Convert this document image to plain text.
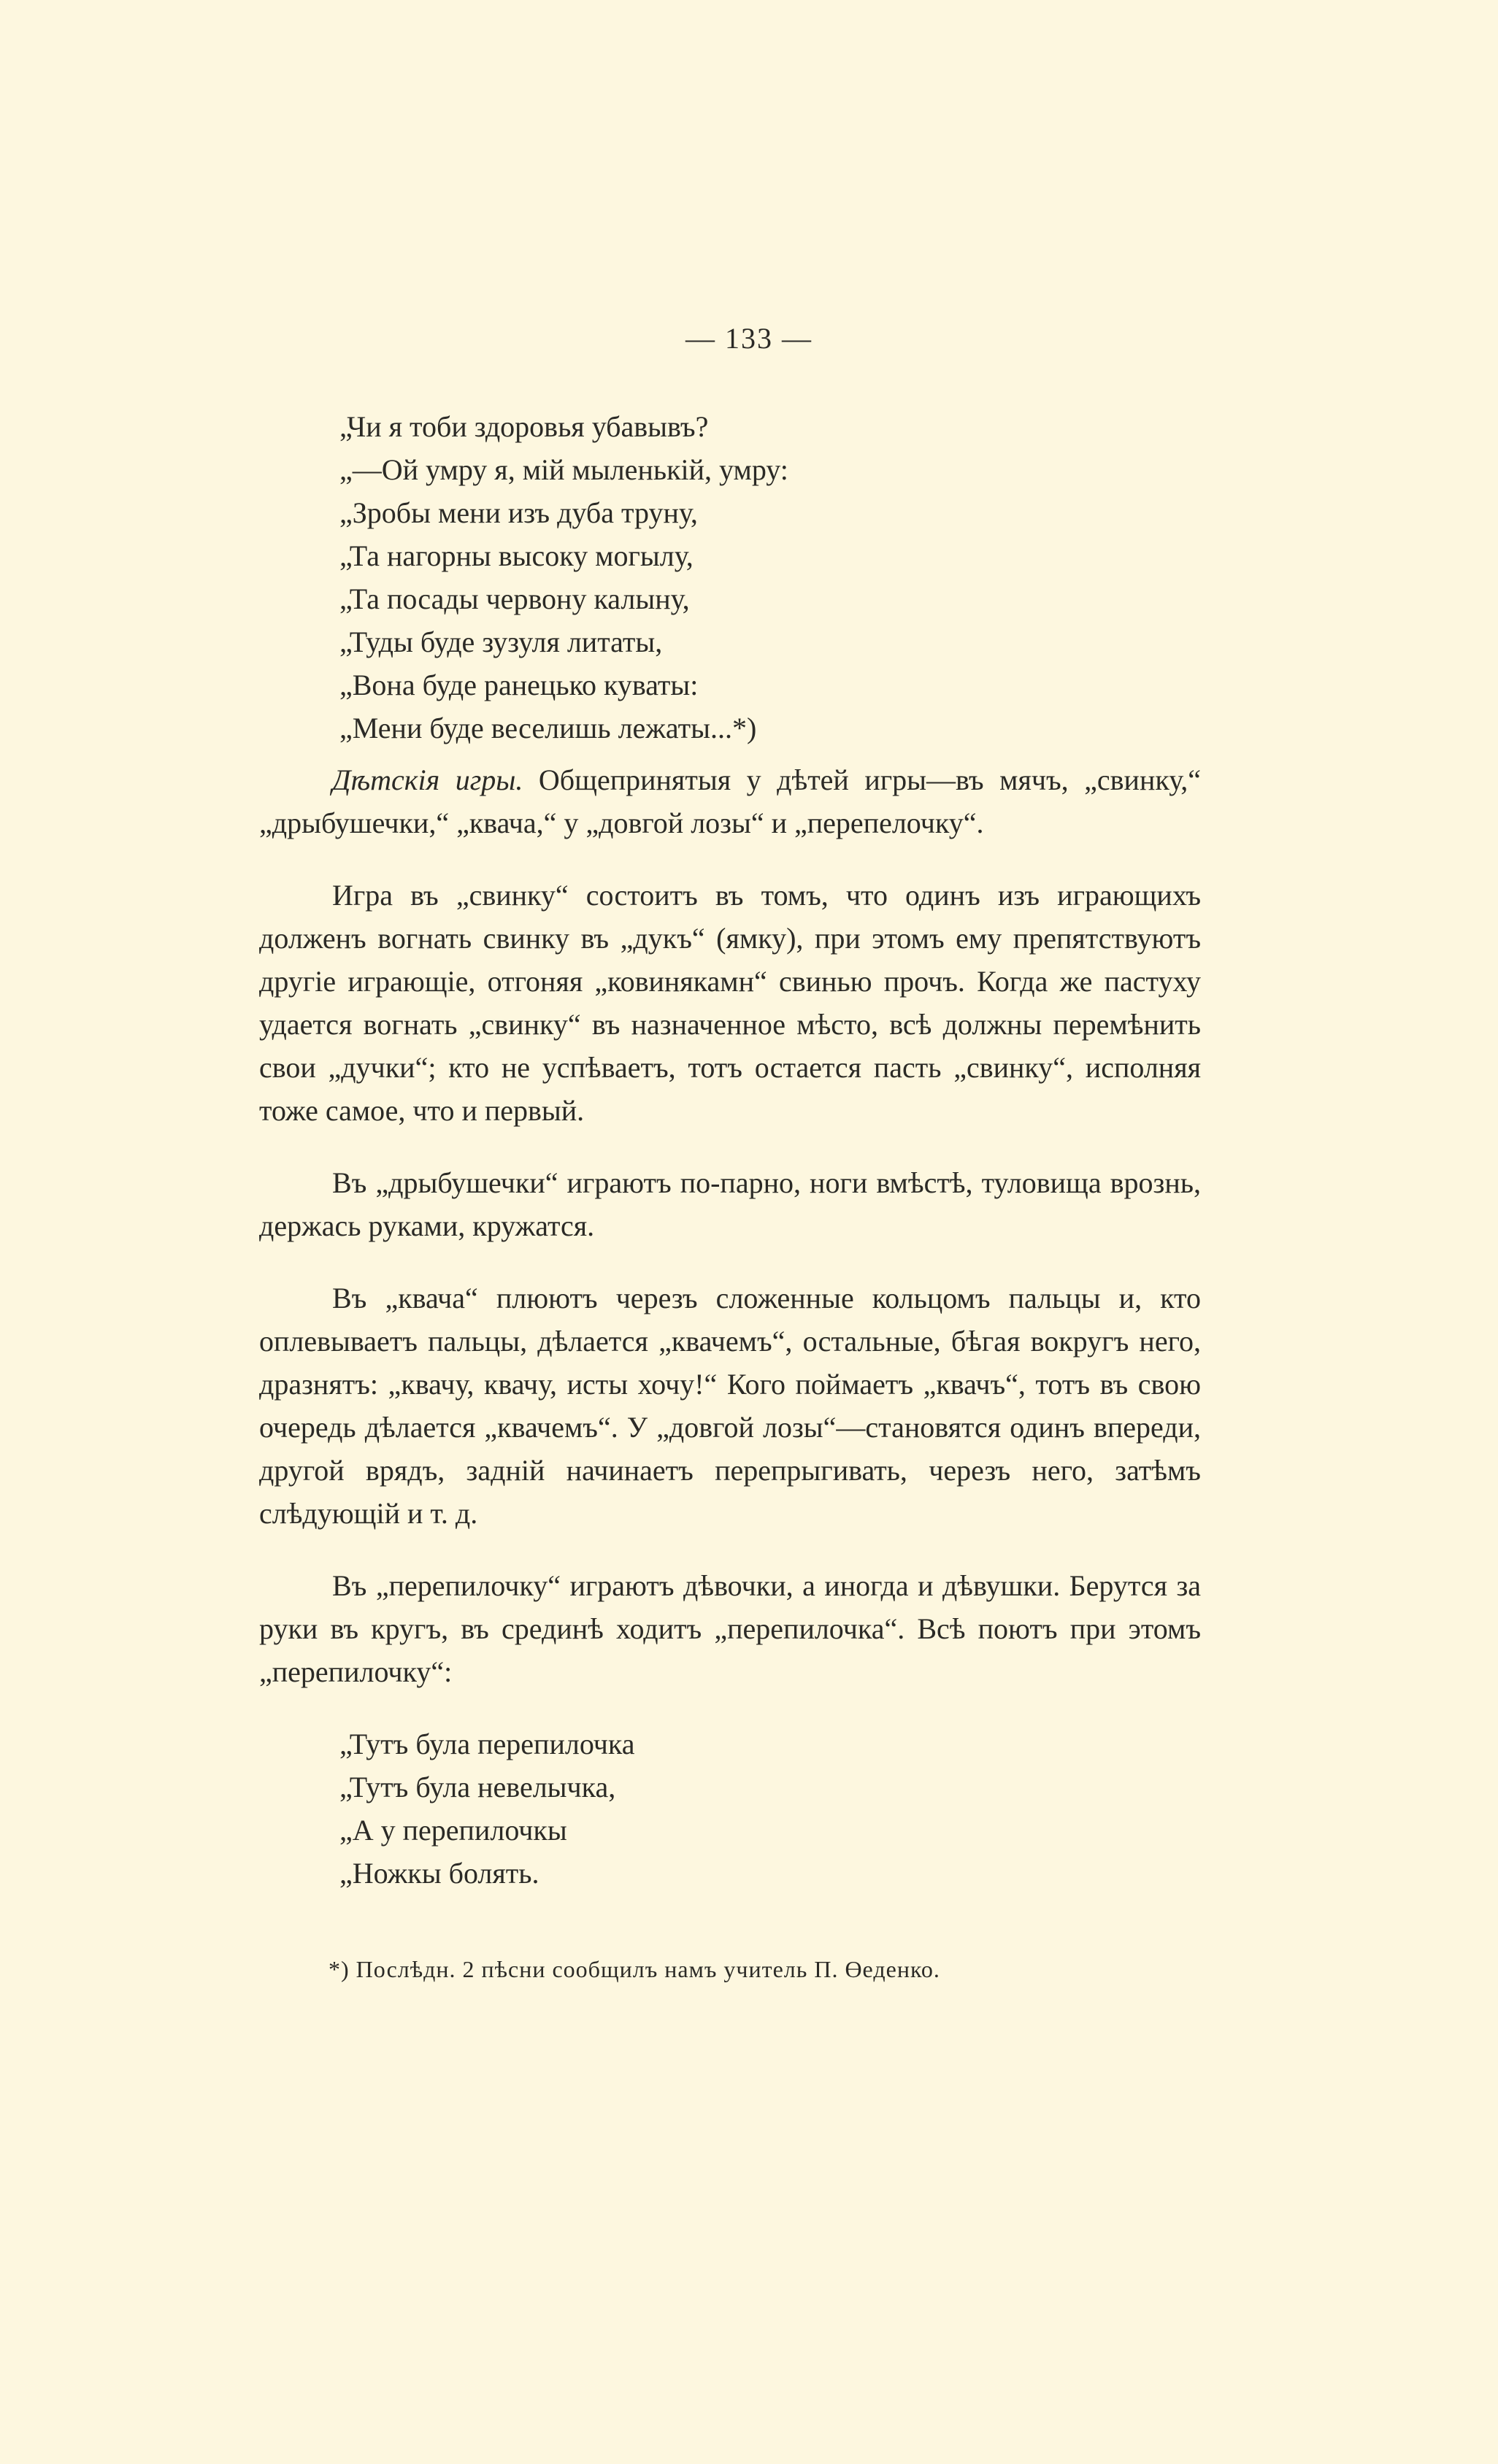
— 133 —
„Чи я тоби здоровья убавывъ?
„—Ой умру я, мій мыленькій, умру:
„Зробы мени изъ дуба труну,
„Та нагорны высоку могылу,
„Та посады червону калыну,
„Туды буде зузуля литаты,
„Вона буде ранецько куваты:
„Мени буде веселишь лежаты...*)

Дѣтскія игры. Общепринятыя у дѣтей игры—въ мячъ, „свинку,“ „дрыбушечки,“ „квача,“ у „довгой лозы“ и „перепелочку“.

Игра въ „свинку“ состоитъ въ томъ, что одинъ изъ играющихъ долженъ вогнать свинку въ „дукъ“ (ямку), при этомъ ему препятствуютъ другіе играющіе, отгоняя „ковинякамн“ свинью прочъ. Когда же пастуху удается вогнать „свинку“ въ назначенное мѣсто, всѣ должны перемѣнить свои „дучки“; кто не успѣваетъ, тотъ остается пасть „свинку“, исполняя тоже самое, что и первый.

Въ „дрыбушечки“ играютъ по-парно, ноги вмѣстѣ, туловища врознь, держась руками, кружатся.

Въ „квача“ плюютъ черезъ сложенные кольцомъ пальцы и, кто оплевываетъ пальцы, дѣлается „квачемъ“, остальные, бѣгая вокругъ него, дразнятъ: „квачу, квачу, исты хочу!“ Кого поймаетъ „квачъ“, тотъ въ свою очередь дѣлается „квачемъ“. У „довгой лозы“—становятся одинъ впереди, другой врядъ, задній начинаетъ перепрыгивать, черезъ него, затѣмъ слѣдующій и т. д.

Въ „перепилочку“ играютъ дѣвочки, а иногда и дѣвушки. Берутся за руки въ кругъ, въ срединѣ ходитъ „перепилочка“. Всѣ поютъ при этомъ „перепилочку“:

„Тутъ була перепилочка
„Тутъ була невелычка,
„А у перепилочкы
„Ножкы болять.
*) Послѣдн. 2 пѣсни сообщилъ намъ учитель П. Өеденко.
